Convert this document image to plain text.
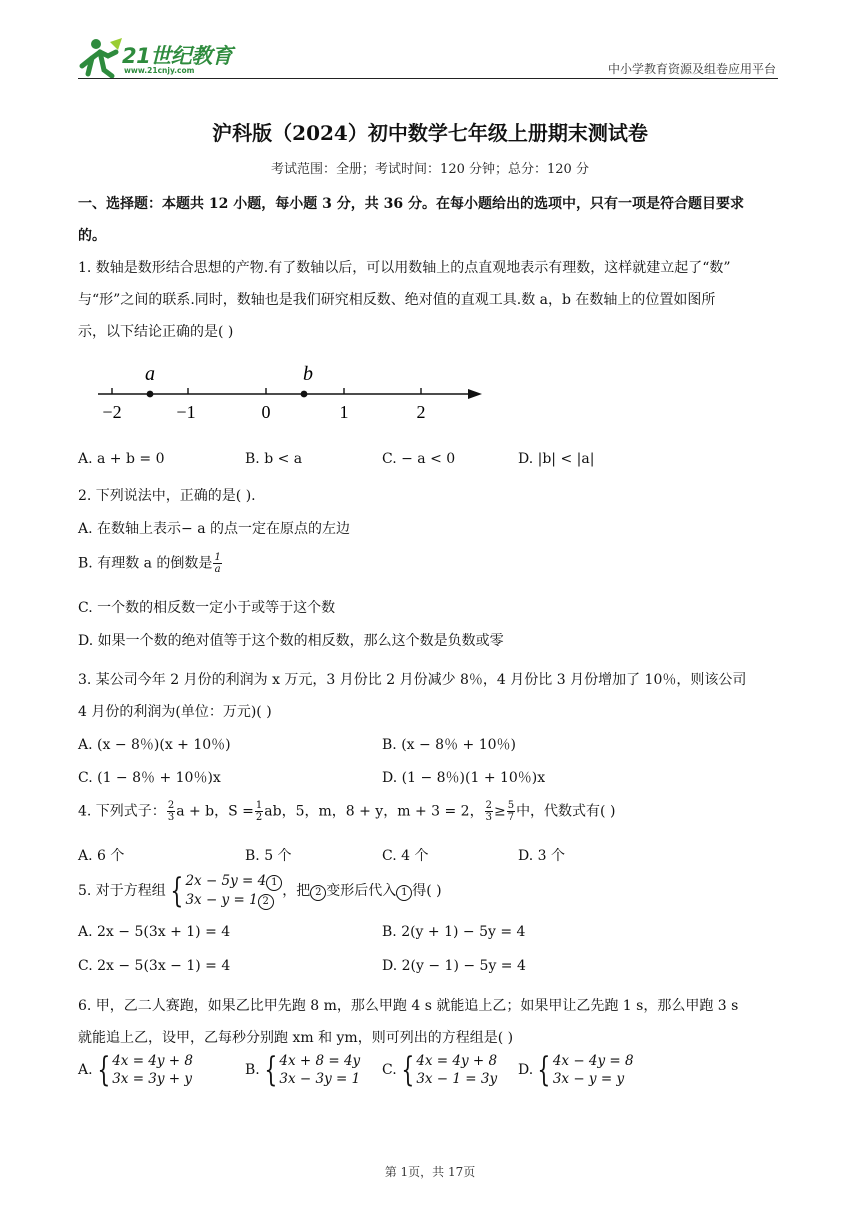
21世纪教育
www.21cnjy.com	中小学教育资源及组卷应用平台
沪科版（2024）初中数学七年级上册期末测试卷
考试范围：全册；考试时间：120 分钟；总分：120 分
一、选择题：本题共 12 小题，每小题 3 分，共 36 分。在每小题给出的选项中，只有一项是符合题目要求
的。
1. 数轴是数形结合思想的产物.有了数轴以后，可以用数轴上的点直观地表示有理数，这样就建立起了“数”
与“形”之间的联系.同时，数轴也是我们研究相反数、绝对值的直观工具.数 a，b 在数轴上的位置如图所
示，以下结论正确的是( )
−2	−1	0	1	2
a	b
A. a + b = 0	B. b < a	C. − a < 0	D. |b| < |a|
2. 下列说法中，正确的是( ).
A. 在数轴上表示− a 的点一定在原点的左边
B. 有理数 a 的倒数是 $\frac{1}{a}$
C. 一个数的相反数一定小于或等于这个数
D. 如果一个数的绝对值等于这个数的相反数，那么这个数是负数或零
3. 某公司今年 2 月份的利润为 x 万元，3 月份比 2 月份减少 8％，4 月份比 3 月份增加了 10％，则该公司
4 月份的利润为(单位：万元)( )
A. (x − 8％)(x + 10％)	B. (x − 8％ + 10％)
C. (1 − 8％ + 10％)x	D. (1 − 8％)(1 + 10％)x
4. 下列式子： $\frac{2}{3}$ a + b，$S = \frac{1}{2}$ ab，5，m，8 + y，m + 3 = 2， $\frac{2}{3} \ge \frac{5}{7}$ 中，代数式有( )
A. 6 个	B. 5 个	C. 4 个	D. 3 个
5. 对于方程组 { 2x − 5y = 4 1
3x − y = 1 2
，把 2 变形后代入 1 得( )
A. 2x − 5(3x + 1) = 4	B. 2(y + 1) − 5y = 4
C. 2x − 5(3x − 1) = 4	D. 2(y − 1) − 5y = 4
6. 甲，乙二人赛跑，如果乙比甲先跑 8 m，那么甲跑 4 s 就能追上乙；如果甲让乙先跑 1 s，那么甲跑 3 s
就能追上乙，设甲，乙每秒分别跑 xm 和 ym，则可列出的方程组是( )
A. { 4x = 4y + 8
3x = 3y + y
B. { 4x + 8 = 4y
3x − 3y = 1
C. { 4x = 4y + 8
3x − 1 = 3y
D. { 4x − 4y = 8
3x − y = y
第 1页，共 17页
